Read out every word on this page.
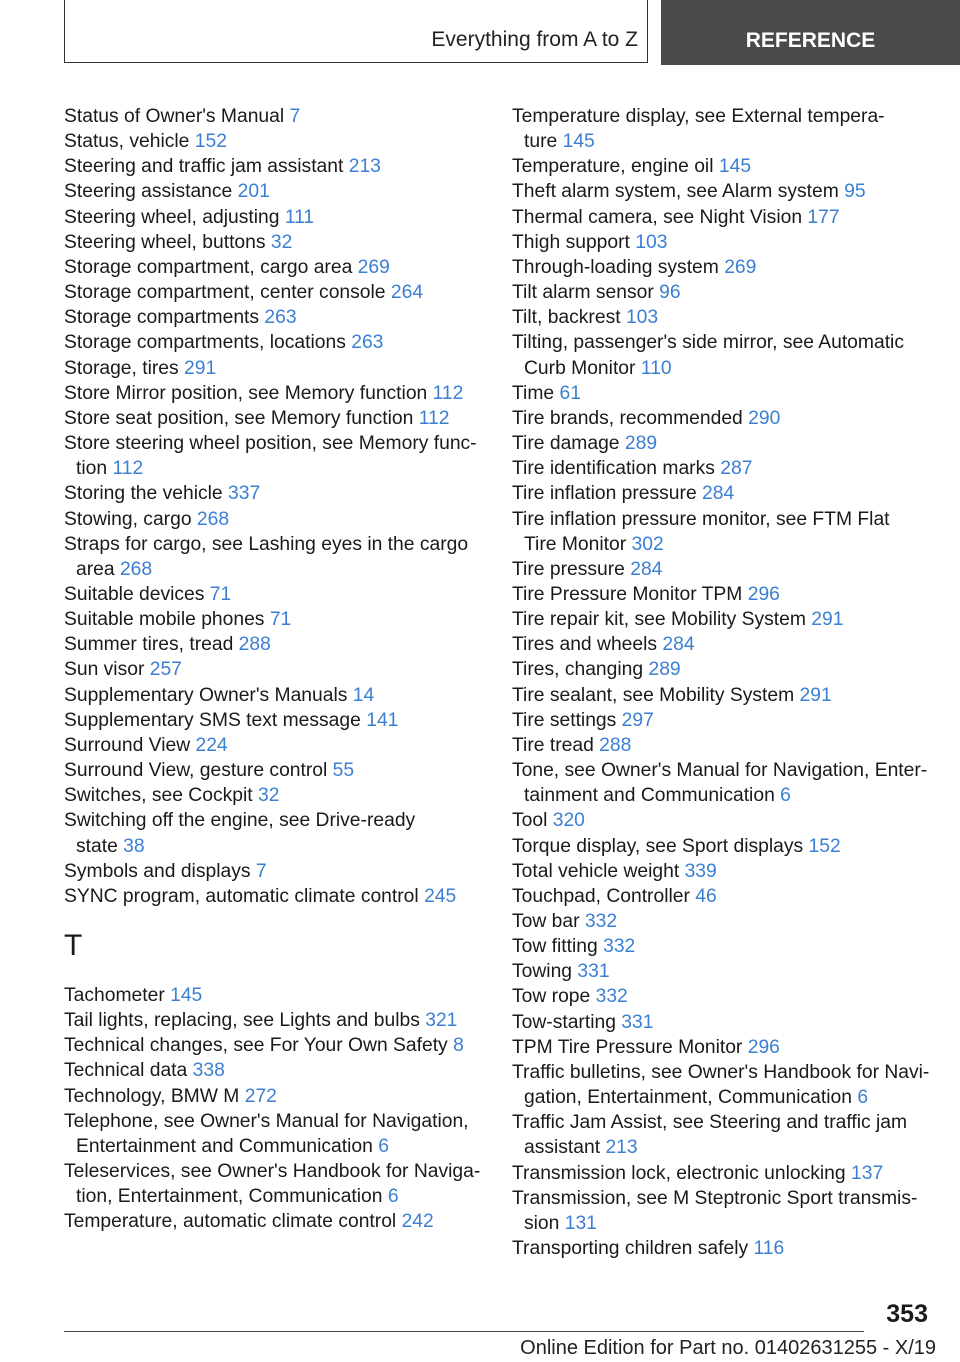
Everything from A to Z	REFERENCE
Status of Owner's Manual 7
Status, vehicle 152
Steering and traffic jam assistant 213
Steering assistance 201
Steering wheel, adjusting 111
Steering wheel, buttons 32
Storage compartment, cargo area 269
Storage compartment, center console 264
Storage compartments 263
Storage compartments, locations 263
Storage, tires 291
Store Mirror position, see Memory function 112
Store seat position, see Memory function 112
Store steering wheel position, see Memory func-
tion 112
Storing the vehicle 337
Stowing, cargo 268
Straps for cargo, see Lashing eyes in the cargo
area 268
Suitable devices 71
Suitable mobile phones 71
Summer tires, tread 288
Sun visor 257
Supplementary Owner's Manuals 14
Supplementary SMS text message 141
Surround View 224
Surround View, gesture control 55
Switches, see Cockpit 32
Switching off the engine, see Drive-ready
state 38
Symbols and displays 7
SYNC program, automatic climate control 245
T
Tachometer 145
Tail lights, replacing, see Lights and bulbs 321
Technical changes, see For Your Own Safety 8
Technical data 338
Technology, BMW M 272
Telephone, see Owner's Manual for Navigation,
Entertainment and Communication 6
Teleservices, see Owner's Handbook for Naviga-
tion, Entertainment, Communication 6
Temperature, automatic climate control 242
Temperature display, see External tempera-
ture 145
Temperature, engine oil 145
Theft alarm system, see Alarm system 95
Thermal camera, see Night Vision 177
Thigh support 103
Through-loading system 269
Tilt alarm sensor 96
Tilt, backrest 103
Tilting, passenger's side mirror, see Automatic
Curb Monitor 110
Time 61
Tire brands, recommended 290
Tire damage 289
Tire identification marks 287
Tire inflation pressure 284
Tire inflation pressure monitor, see FTM Flat
Tire Monitor 302
Tire pressure 284
Tire Pressure Monitor TPM 296
Tire repair kit, see Mobility System 291
Tires and wheels 284
Tires, changing 289
Tire sealant, see Mobility System 291
Tire settings 297
Tire tread 288
Tone, see Owner's Manual for Navigation, Enter-
tainment and Communication 6
Tool 320
Torque display, see Sport displays 152
Total vehicle weight 339
Touchpad, Controller 46
Tow bar 332
Tow fitting 332
Towing 331
Tow rope 332
Tow-starting 331
TPM Tire Pressure Monitor 296
Traffic bulletins, see Owner's Handbook for Navi-
gation, Entertainment, Communication 6
Traffic Jam Assist, see Steering and traffic jam
assistant 213
Transmission lock, electronic unlocking 137
Transmission, see M Steptronic Sport transmis-
sion 131
Transporting children safely 116
353
Online Edition for Part no. 01402631255 - X/19
